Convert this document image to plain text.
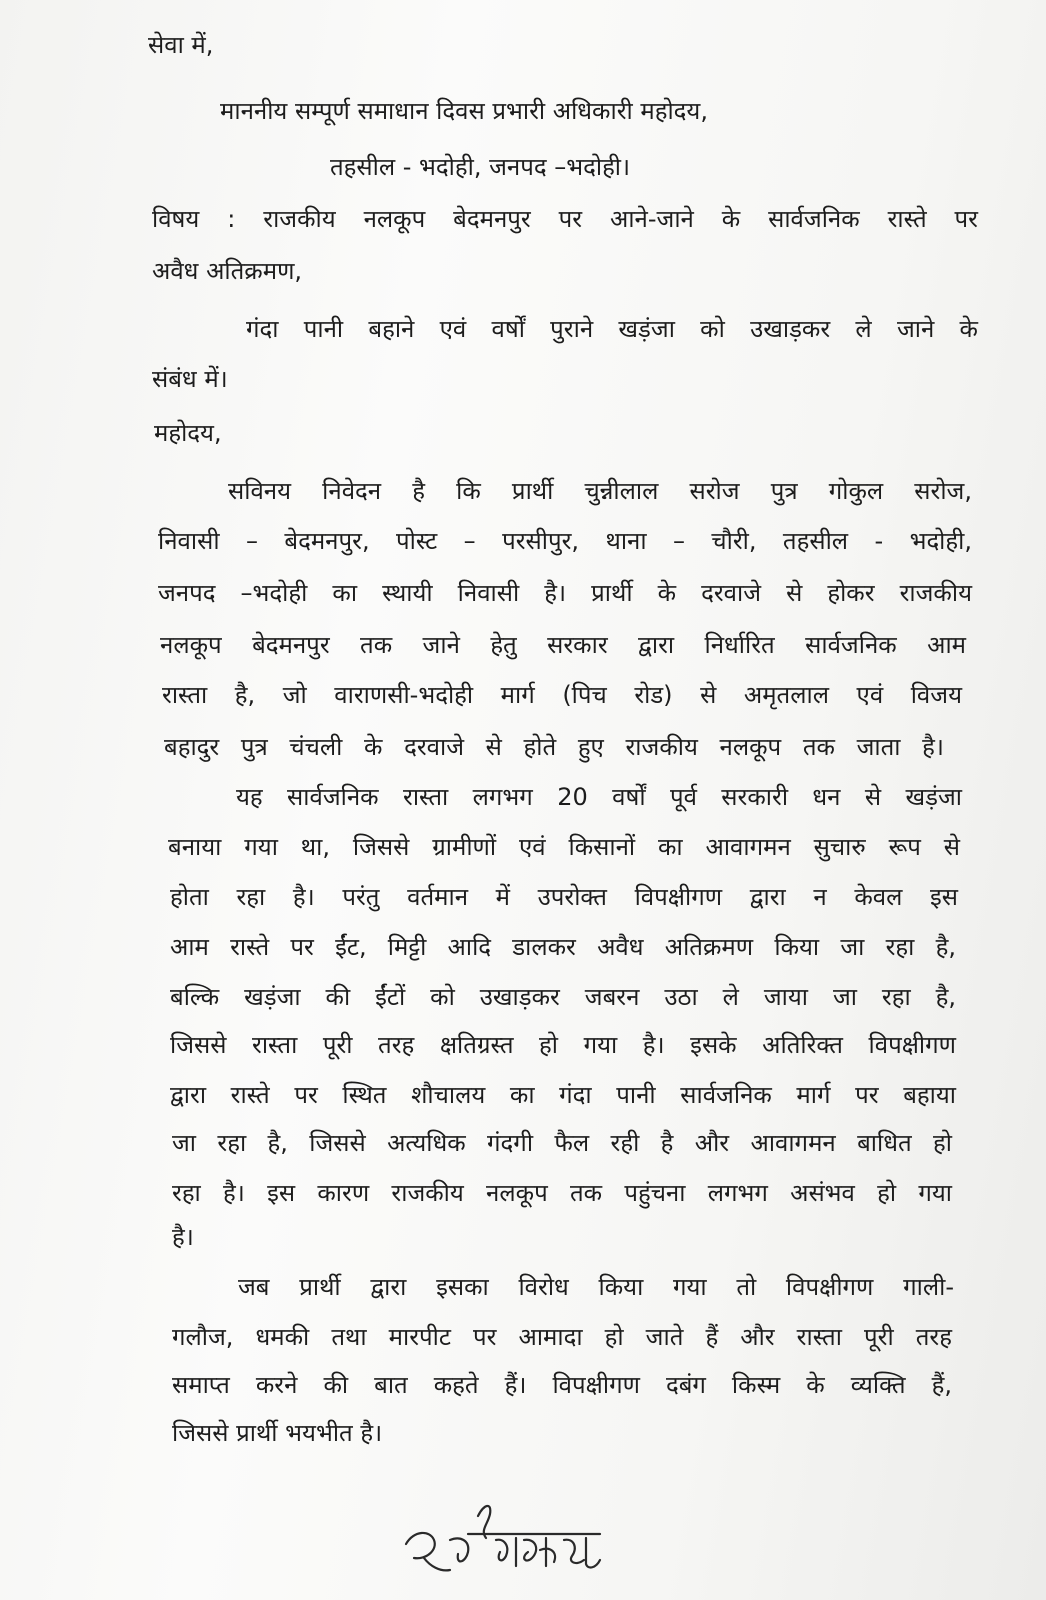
सेवा में,
माननीय सम्पूर्ण समाधान दिवस प्रभारी अधिकारी महोदय,
तहसील - भदोही, जनपद –भदोही।
विषय : राजकीय नलकूप बेदमनपुर पर आने-जाने के सार्वजनिक रास्ते पर
अवैध अतिक्रमण,
गंदा पानी बहाने एवं वर्षों पुराने खड़ंजा को उखाड़कर ले जाने के
संबंध में।
महोदय,
सविनय निवेदन है कि प्रार्थी चुन्नीलाल सरोज पुत्र गोकुल सरोज,
निवासी – बेदमनपुर, पोस्ट – परसीपुर, थाना – चौरी, तहसील - भदोही,
जनपद –भदोही का स्थायी निवासी है। प्रार्थी के दरवाजे से होकर राजकीय
नलकूप बेदमनपुर तक जाने हेतु सरकार द्वारा निर्धारित सार्वजनिक आम
रास्ता है, जो वाराणसी-भदोही मार्ग (पिच रोड) से अमृतलाल एवं विजय
बहादुर पुत्र चंचली के दरवाजे से होते हुए राजकीय नलकूप तक जाता है।
यह सार्वजनिक रास्ता लगभग 20 वर्षों पूर्व सरकारी धन से खड़ंजा
बनाया गया था, जिससे ग्रामीणों एवं किसानों का आवागमन सुचारु रूप से
होता रहा है। परंतु वर्तमान में उपरोक्त विपक्षीगण द्वारा न केवल इस
आम रास्ते पर ईंट, मिट्टी आदि डालकर अवैध अतिक्रमण किया जा रहा है,
बल्कि खड़ंजा की ईंटों को उखाड़कर जबरन उठा ले जाया जा रहा है,
जिससे रास्ता पूरी तरह क्षतिग्रस्त हो गया है। इसके अतिरिक्त विपक्षीगण
द्वारा रास्ते पर स्थित शौचालय का गंदा पानी सार्वजनिक मार्ग पर बहाया
जा रहा है, जिससे अत्यधिक गंदगी फैल रही है और आवागमन बाधित हो
रहा है। इस कारण राजकीय नलकूप तक पहुंचना लगभग असंभव हो गया
है।
जब प्रार्थी द्वारा इसका विरोध किया गया तो विपक्षीगण गाली-
गलौज, धमकी तथा मारपीट पर आमादा हो जाते हैं और रास्ता पूरी तरह
समाप्त करने की बात कहते हैं। विपक्षीगण दबंग किस्म के व्यक्ति हैं,
जिससे प्रार्थी भयभीत है।
